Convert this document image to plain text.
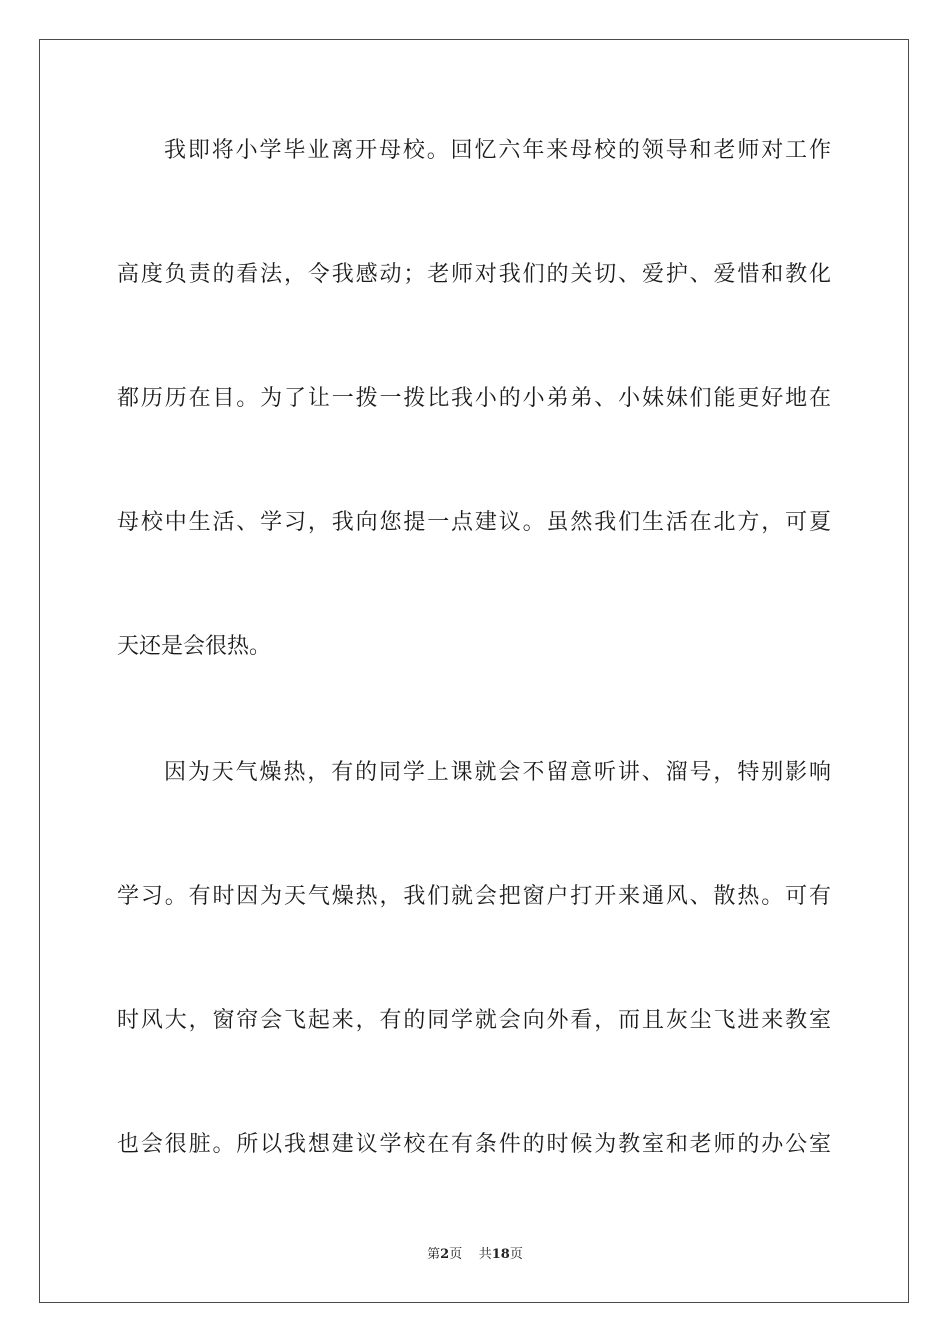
我即将小学毕业离开母校。回忆六年来母校的领导和老师对工作
高度负责的看法，令我感动；老师对我们的关切、爱护、爱惜和教化
都历历在目。为了让一拨一拨比我小的小弟弟、小妹妹们能更好地在
母校中生活、学习，我向您提一点建议。虽然我们生活在北方，可夏
天还是会很热。
因为天气燥热，有的同学上课就会不留意听讲、溜号，特别影响
学习。有时因为天气燥热，我们就会把窗户打开来通风、散热。可有
时风大，窗帘会飞起来，有的同学就会向外看，而且灰尘飞进来教室
也会很脏。所以我想建议学校在有条件的时候为教室和老师的办公室
第2页 共18页
